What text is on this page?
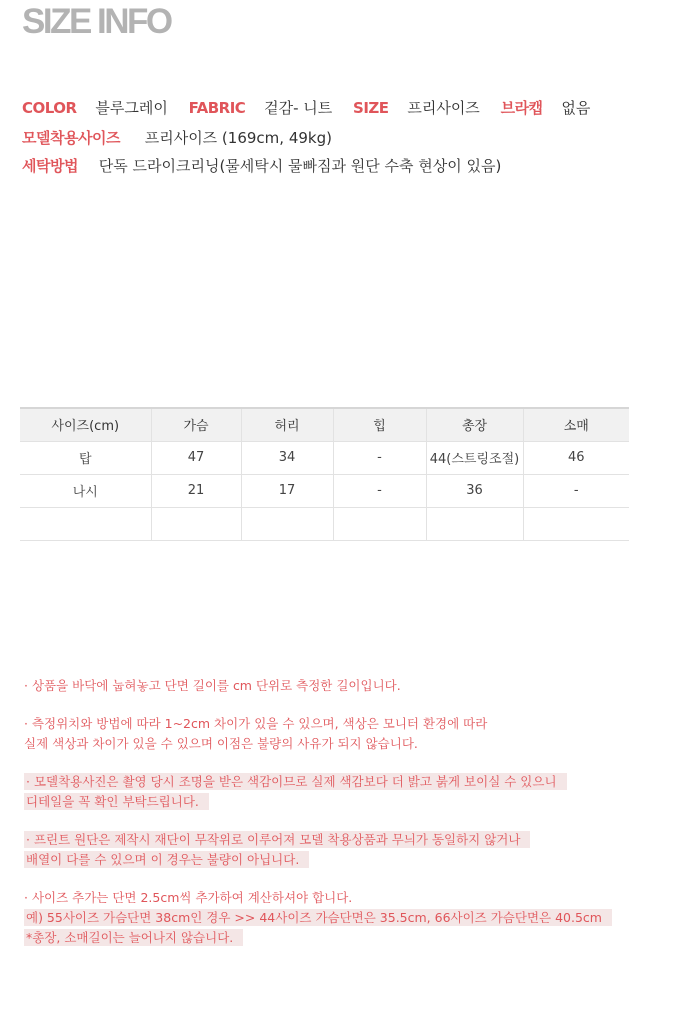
SIZE INFO
COLOR 블루그레이 FABRIC 겉감- 니트 SIZE 프리사이즈 브라캡 없음
모델착용사이즈 프리사이즈 (169cm, 49kg)
세탁방법 단독 드라이크리닝(물세탁시 물빠짐과 원단 수축 현상이 있음)
사이즈(cm)	가슴	허리	힙	총장	소매
탑	47	34	-	44(스트링조절)	46
나시	21	17	-	36	-

· 상품을 바닥에 눕혀놓고 단면 길이를 cm 단위로 측정한 길이입니다.
· 측정위치와 방법에 따라 1~2cm 차이가 있을 수 있으며, 색상은 모니터 환경에 따라
실제 색상과 차이가 있을 수 있으며 이점은 불량의 사유가 되지 않습니다.
· 모델착용사진은 촬영 당시 조명을 받은 색감이므로 실제 색감보다 더 밝고 붉게 보이실 수 있으니
디테일을 꼭 확인 부탁드립니다.
· 프린트 원단은 제작시 재단이 무작위로 이루어져 모델 착용상품과 무늬가 동일하지 않거나
배열이 다를 수 있으며 이 경우는 불량이 아닙니다.
· 사이즈 추가는 단면 2.5cm씩 추가하여 계산하셔야 합니다.
예) 55사이즈 가슴단면 38cm인 경우 >> 44사이즈 가슴단면은 35.5cm, 66사이즈 가슴단면은 40.5cm
*총장, 소매길이는 늘어나지 않습니다.
